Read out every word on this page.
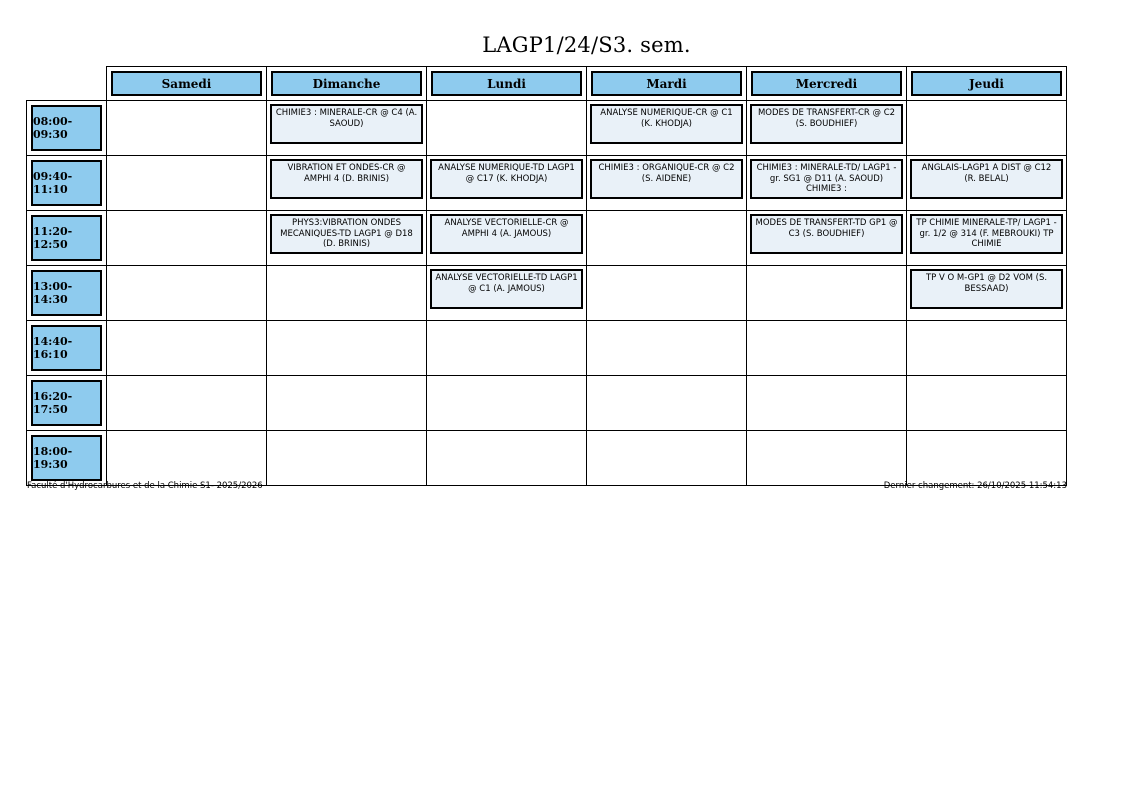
LAGP1/24/S3. sem.

Samedi	Dimanche	Lundi	Mardi	Mercredi	Jeudi

08:00-09:30		CHIMIE3 : MINERALE-CR @ C4 (A. SAOUD)		ANALYSE NUMERIQUE-CR @ C1 (K. KHODJA)	MODES DE TRANSFERT-CR @ C2 (S. BOUDHIEF)	

09:40-11:10		VIBRATION ET ONDES-CR @ AMPHI 4 (D. BRINIS)	ANALYSE NUMERIQUE-TD LAGP1 @ C17 (K. KHODJA)	CHIMIE3 : ORGANIQUE-CR @ C2 (S. AIDENE)	CHIMIE3 : MINERALE-TD/ LAGP1 - gr. SG1 @ D11 (A. SAOUD) CHIMIE3 :	ANGLAIS-LAGP1 A DIST @ C12 (R. BELAL)

11:20-12:50		PHYS3:VIBRATION ONDES MECANIQUES-TD LAGP1 @ D18 (D. BRINIS)	ANALYSE VECTORIELLE-CR @ AMPHI 4 (A. JAMOUS)		MODES DE TRANSFERT-TD GP1 @ C3 (S. BOUDHIEF)	TP CHIMIE MINERALE-TP/ LAGP1 - gr. 1/2 @ 314 (F. MEBROUKI) TP CHIMIE

13:00-14:30			ANALYSE VECTORIELLE-TD LAGP1 @ C1 (A. JAMOUS)			TP V O M-GP1 @ D2 VOM (S. BESSAAD)

14:40-16:10						

16:20-17:50						

18:00-19:30						

Faculté d'Hydrocarbures et de la Chimie S1- 2025/2026	Dernier changement: 26/10/2025 11:54:13
